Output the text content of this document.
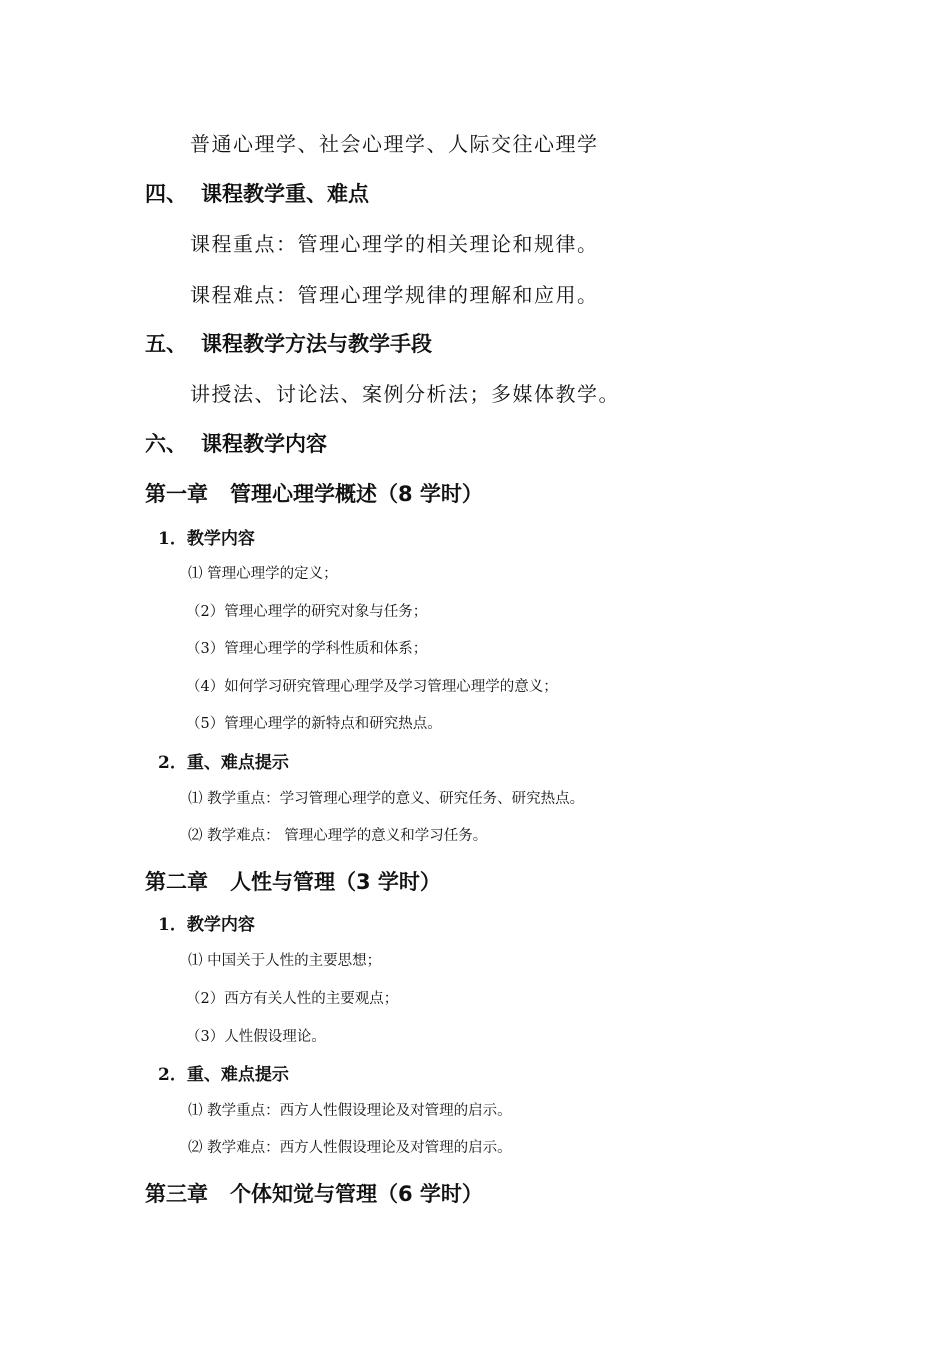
普通心理学、社会心理学、人际交往心理学
四、 课程教学重、难点
课程重点：管理心理学的相关理论和规律。
课程难点：管理心理学规律的理解和应用。
五、 课程教学方法与教学手段
讲授法、讨论法、案例分析法；多媒体教学。
六、 课程教学内容
第一章 管理心理学概述（8 学时）
1．教学内容
⑴ 管理心理学的定义；
（2）管理心理学的研究对象与任务；
（3）管理心理学的学科性质和体系；
（4）如何学习研究管理心理学及学习管理心理学的意义；
（5）管理心理学的新特点和研究热点。
2．重、难点提示
⑴ 教学重点：学习管理心理学的意义、研究任务、研究热点。
⑵ 教学难点： 管理心理学的意义和学习任务。
第二章 人性与管理（3 学时）
1．教学内容
⑴ 中国关于人性的主要思想；
（2）西方有关人性的主要观点；
（3）人性假设理论。
2．重、难点提示
⑴ 教学重点：西方人性假设理论及对管理的启示。
⑵ 教学难点：西方人性假设理论及对管理的启示。
第三章 个体知觉与管理（6 学时）
